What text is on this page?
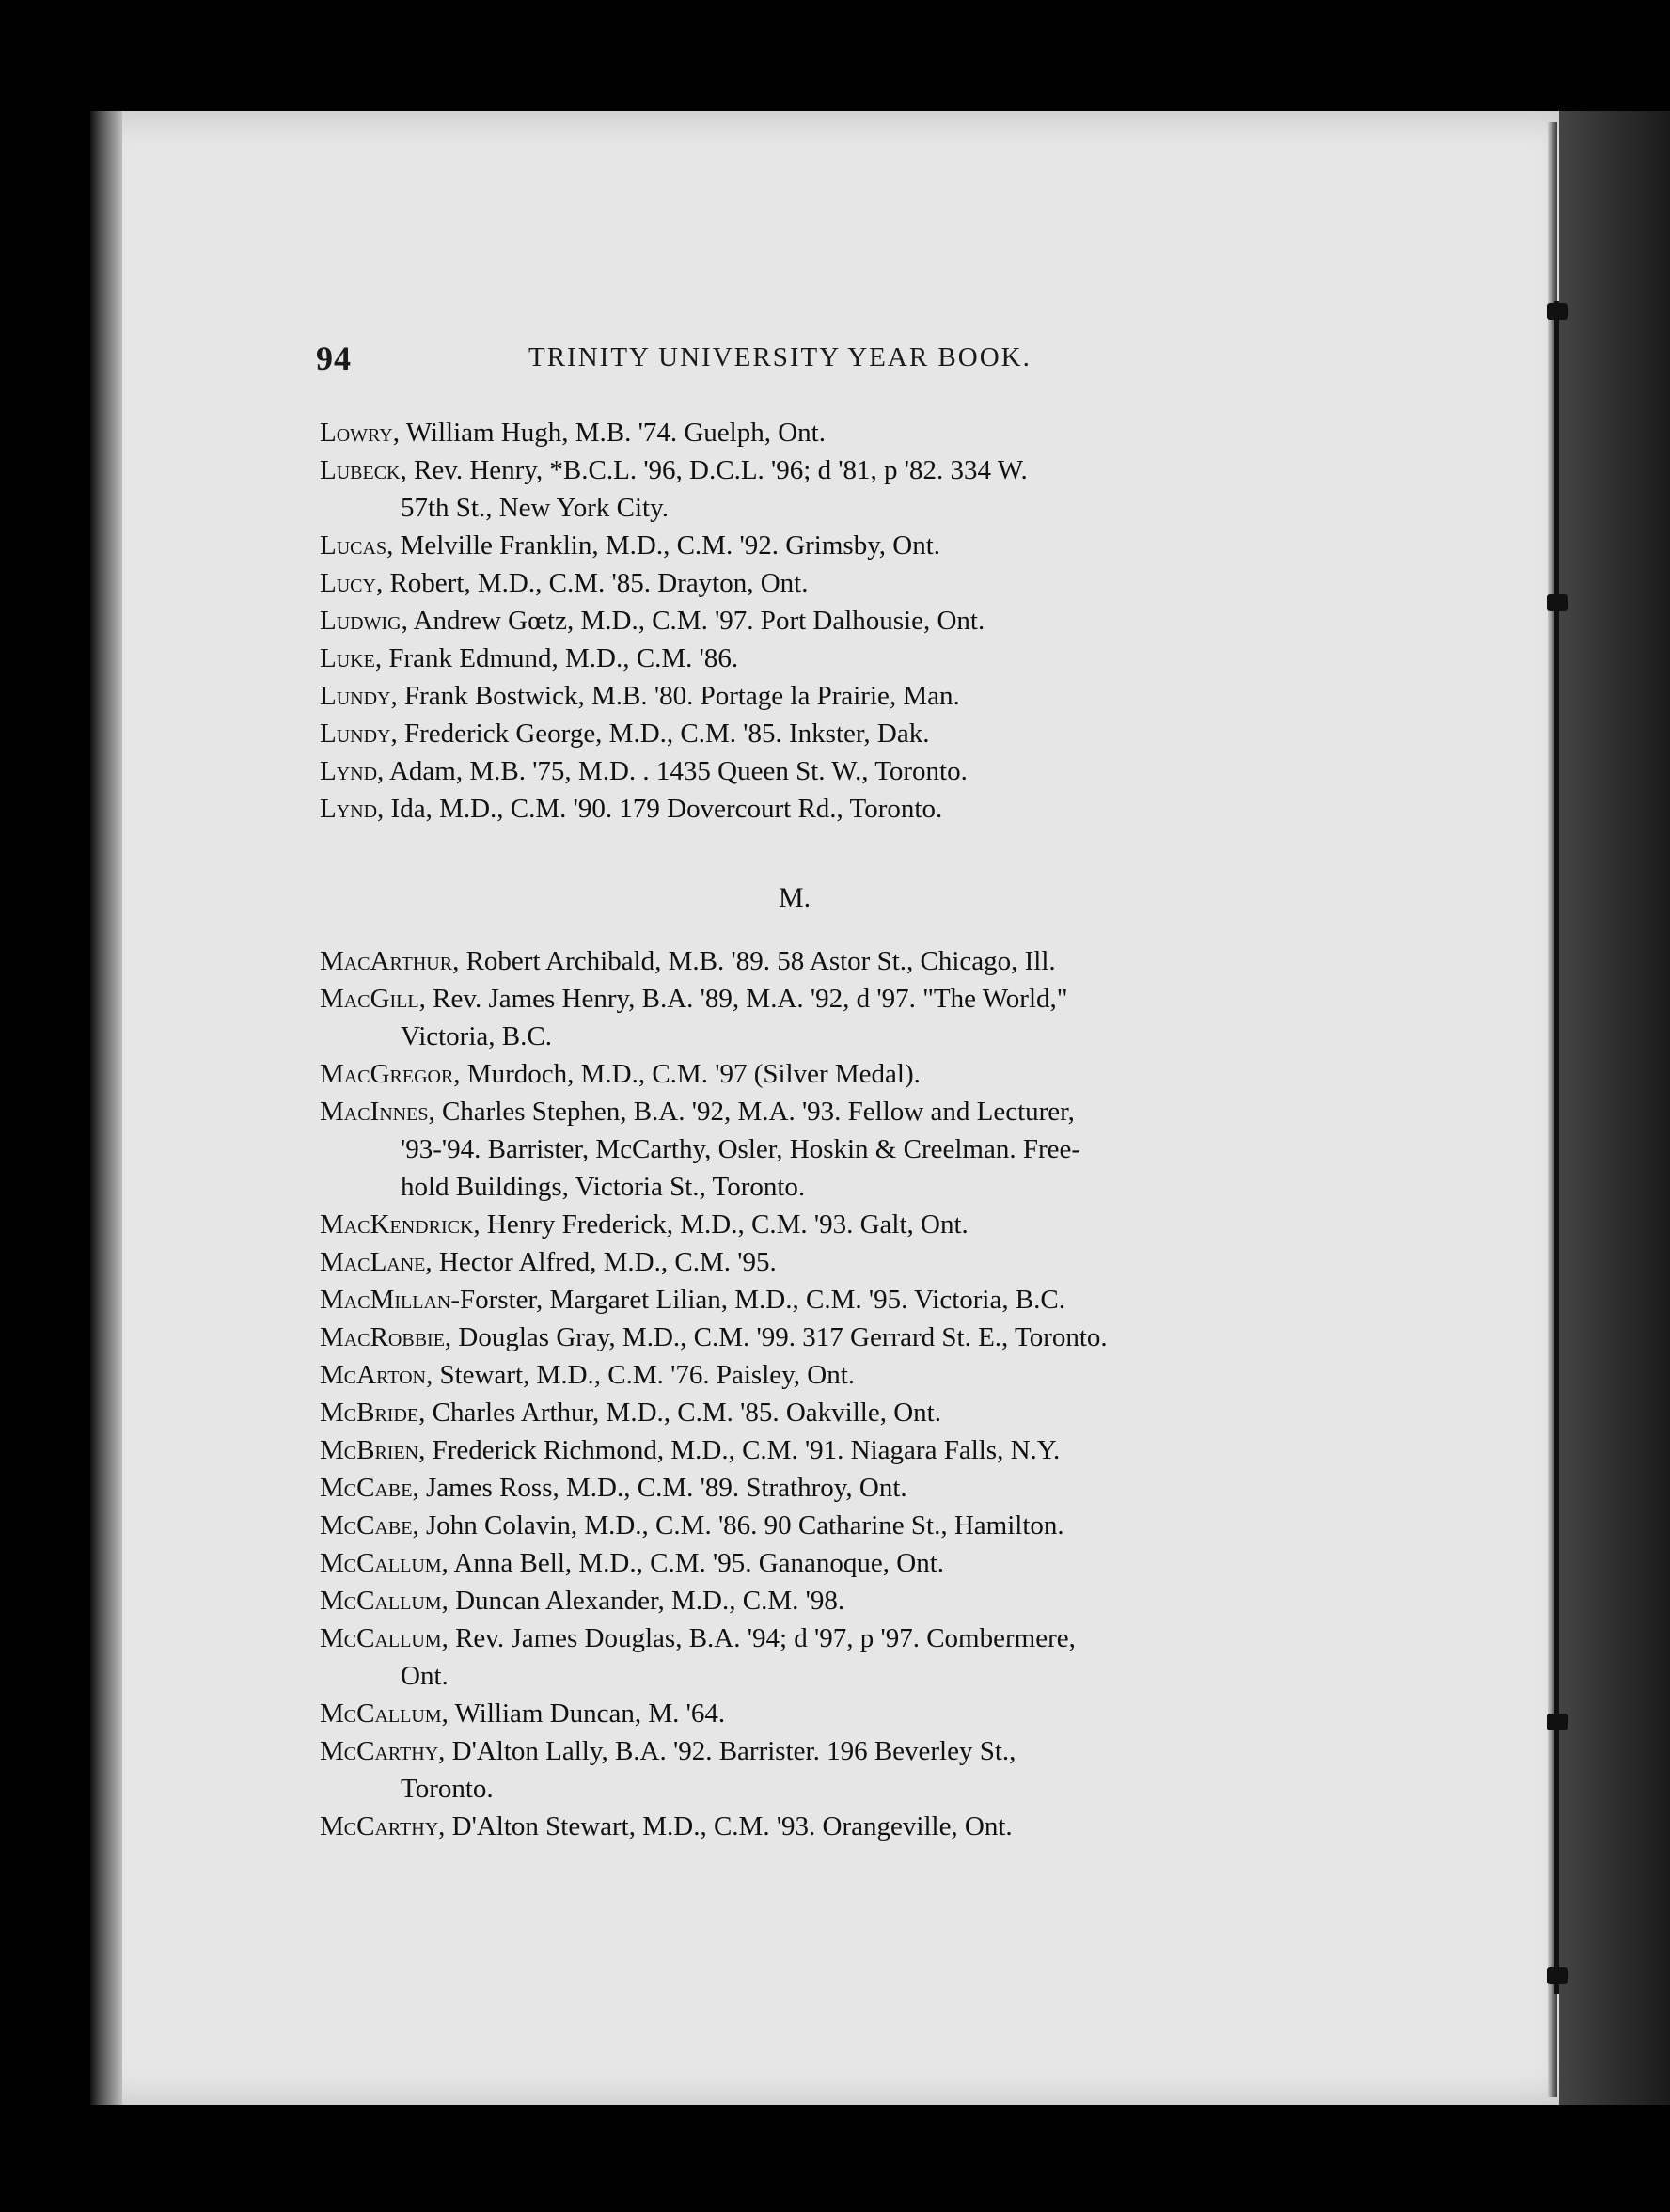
94	TRINITY UNIVERSITY YEAR BOOK.
Lowry, William Hugh, M.B. '74. Guelph, Ont.
Lubeck, Rev. Henry, *B.C.L. '96, D.C.L. '96; d '81, p '82. 334 W.
57th St., New York City.
Lucas, Melville Franklin, M.D., C.M. '92. Grimsby, Ont.
Lucy, Robert, M.D., C.M. '85. Drayton, Ont.
Ludwig, Andrew Gœtz, M.D., C.M. '97. Port Dalhousie, Ont.
Luke, Frank Edmund, M.D., C.M. '86.
Lundy, Frank Bostwick, M.B. '80. Portage la Prairie, Man.
Lundy, Frederick George, M.D., C.M. '85. Inkster, Dak.
Lynd, Adam, M.B. '75, M.D. . 1435 Queen St. W., Toronto.
Lynd, Ida, M.D., C.M. '90. 179 Dovercourt Rd., Toronto.
M.
MacArthur, Robert Archibald, M.B. '89. 58 Astor St., Chicago, Ill.
MacGill, Rev. James Henry, B.A. '89, M.A. '92, d '97. "The World,"
Victoria, B.C.
MacGregor, Murdoch, M.D., C.M. '97 (Silver Medal).
MacInnes, Charles Stephen, B.A. '92, M.A. '93. Fellow and Lecturer,
'93-'94. Barrister, McCarthy, Osler, Hoskin & Creelman. Free-
hold Buildings, Victoria St., Toronto.
MacKendrick, Henry Frederick, M.D., C.M. '93. Galt, Ont.
MacLane, Hector Alfred, M.D., C.M. '95.
MacMillan-Forster, Margaret Lilian, M.D., C.M. '95. Victoria, B.C.
MacRobbie, Douglas Gray, M.D., C.M. '99. 317 Gerrard St. E., Toronto.
McArton, Stewart, M.D., C.M. '76. Paisley, Ont.
McBride, Charles Arthur, M.D., C.M. '85. Oakville, Ont.
McBrien, Frederick Richmond, M.D., C.M. '91. Niagara Falls, N.Y.
McCabe, James Ross, M.D., C.M. '89. Strathroy, Ont.
McCabe, John Colavin, M.D., C.M. '86. 90 Catharine St., Hamilton.
McCallum, Anna Bell, M.D., C.M. '95. Gananoque, Ont.
McCallum, Duncan Alexander, M.D., C.M. '98.
McCallum, Rev. James Douglas, B.A. '94; d '97, p '97. Combermere,
Ont.
McCallum, William Duncan, M. '64.
McCarthy, D'Alton Lally, B.A. '92. Barrister. 196 Beverley St.,
Toronto.
McCarthy, D'Alton Stewart, M.D., C.M. '93. Orangeville, Ont.
